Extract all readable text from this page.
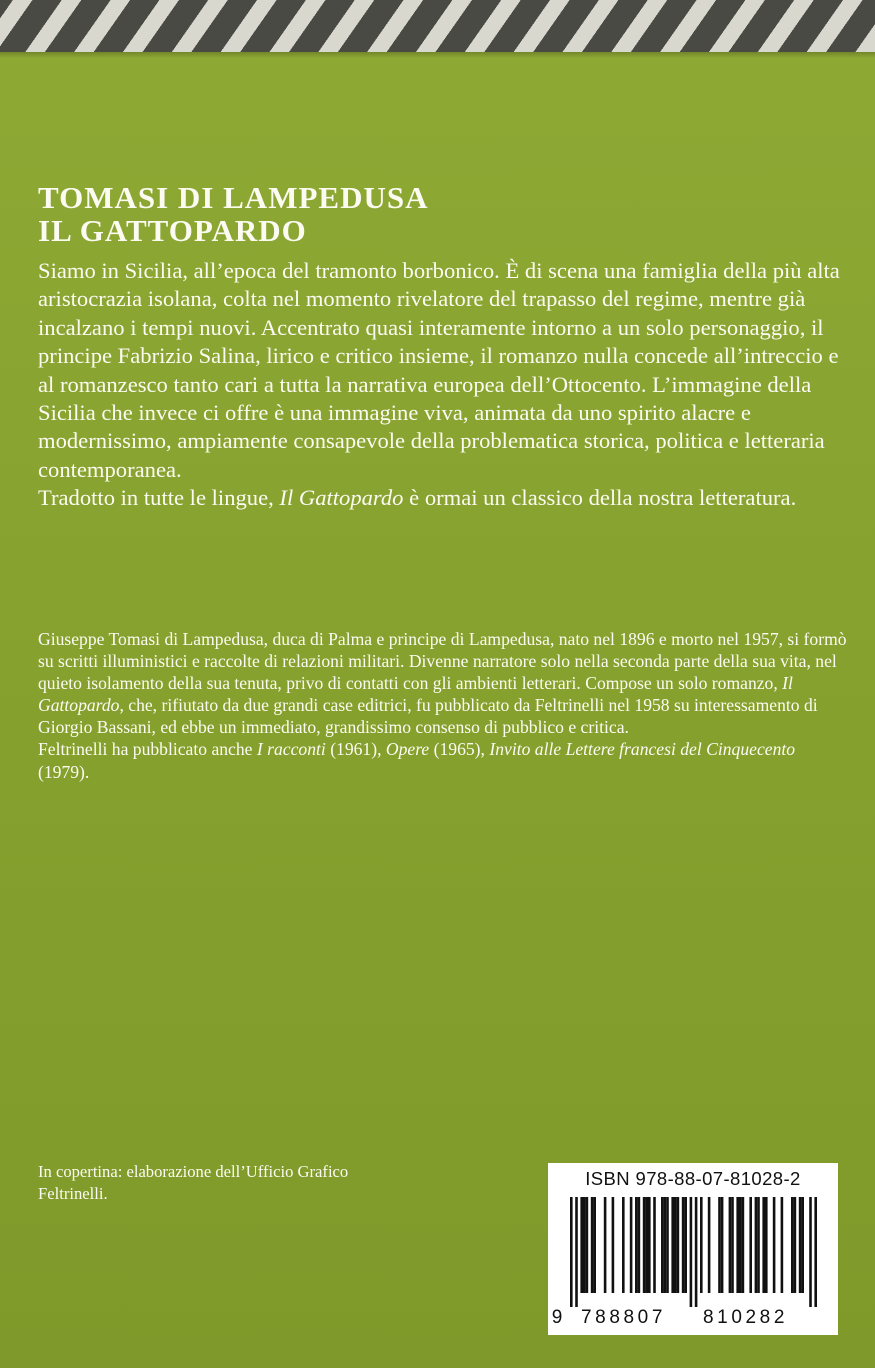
TOMASI DI LAMPEDUSA
IL GATTOPARDO

Siamo in Sicilia, all’epoca del tramonto borbonico. È di scena una famiglia della più alta aristocrazia isolana, colta nel momento rivelatore del trapasso del regime, mentre già incalzano i tempi nuovi. Accentrato quasi interamente intorno a un solo personaggio, il principe Fabrizio Salina, lirico e critico insieme, il romanzo nulla concede all’intreccio e al romanzesco tanto cari a tutta la narrativa europea dell’Ottocento. L’immagine della Sicilia che invece ci offre è una immagine viva, animata da uno spirito alacre e modernissimo, ampiamente consapevole della problematica storica, politica e letteraria contemporanea.
Tradotto in tutte le lingue, Il Gattopardo è ormai un classico della nostra letteratura.

Giuseppe Tomasi di Lampedusa, duca di Palma e principe di Lampedusa, nato nel 1896 e morto nel 1957, si formò su scritti illuministici e raccolte di relazioni militari. Divenne narratore solo nella seconda parte della sua vita, nel quieto isolamento della sua tenuta, privo di contatti con gli ambienti letterari. Compose un solo romanzo, Il Gattopardo, che, rifiutato da due grandi case editrici, fu pubblicato da Feltrinelli nel 1958 su interessamento di Giorgio Bassani, ed ebbe un immediato, grandissimo consenso di pubblico e critica.
Feltrinelli ha pubblicato anche I racconti (1961), Opere (1965), Invito alle Lettere francesi del Cinquecento (1979).

In copertina: elaborazione dell’Ufficio Grafico
Feltrinelli.

ISBN 978-88-07-81028-2
9 788807 810282
